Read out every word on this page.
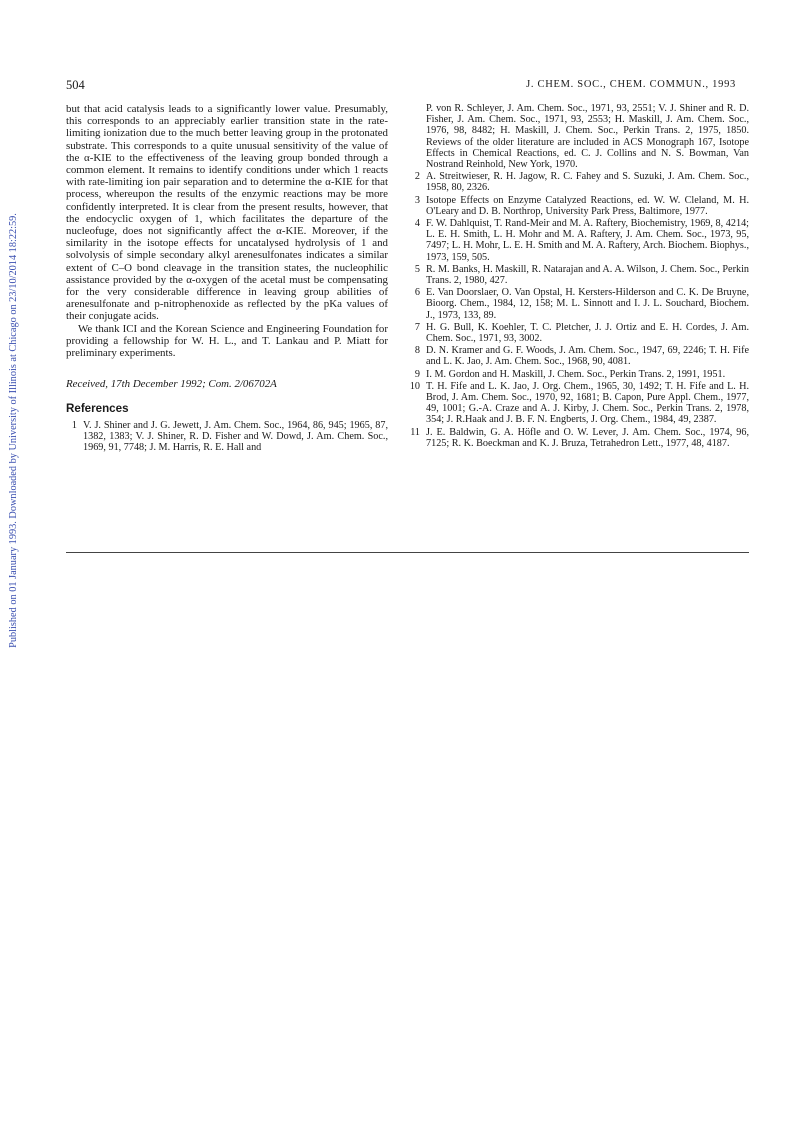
Published on 01 January 1993. Downloaded by University of Illinois at Chicago on 23/10/2014 18:22:59.
504	J. CHEM. SOC., CHEM. COMMUN., 1993

but that acid catalysis leads to a significantly lower value. Presumably, this corresponds to an appreciably earlier transition state in the rate-limiting ionization due to the much better leaving group in the protonated substrate. This corresponds to a quite unusual sensitivity of the value of the α-KIE to the effectiveness of the leaving group bonded through a common element. It remains to identify conditions under which 1 reacts with rate-limiting ion pair separation and to determine the α-KIE for that process, whereupon the results of the enzymic reactions may be more confidently interpreted. It is clear from the present results, however, that the endocyclic oxygen of 1, which facilitates the departure of the nucleofuge, does not significantly affect the α-KIE. Moreover, if the similarity in the isotope effects for uncatalysed hydrolysis of 1 and solvolysis of simple secondary alkyl arenesulfonates indicates a similar extent of C–O bond cleavage in the transition states, the nucleophilic assistance provided by the α-oxygen of the acetal must be compensating for the very considerable difference in leaving group abilities of arenesulfonate and p-nitrophenoxide as reflected by the pKa values of their conjugate acids.

We thank ICI and the Korean Science and Engineering Foundation for providing a fellowship for W. H. L., and T. Lankau and P. Miatt for preliminary experiments.

Received, 17th December 1992; Com. 2/06702A

References
1 V. J. Shiner and J. G. Jewett, J. Am. Chem. Soc., 1964, 86, 945; 1965, 87, 1382, 1383; V. J. Shiner, R. D. Fisher and W. Dowd, J. Am. Chem. Soc., 1969, 91, 7748; J. M. Harris, R. E. Hall and
P. von R. Schleyer, J. Am. Chem. Soc., 1971, 93, 2551; V. J. Shiner and R. D. Fisher, J. Am. Chem. Soc., 1971, 93, 2553; H. Maskill, J. Am. Chem. Soc., 1976, 98, 8482; H. Maskill, J. Chem. Soc., Perkin Trans. 2, 1975, 1850. Reviews of the older literature are included in ACS Monograph 167, Isotope Effects in Chemical Reactions, ed. C. J. Collins and N. S. Bowman, Van Nostrand Reinhold, New York, 1970.
2 A. Streitwieser, R. H. Jagow, R. C. Fahey and S. Suzuki, J. Am. Chem. Soc., 1958, 80, 2326.
3 Isotope Effects on Enzyme Catalyzed Reactions, ed. W. W. Cleland, M. H. O'Leary and D. B. Northrop, University Park Press, Baltimore, 1977.
4 F. W. Dahlquist, T. Rand-Meir and M. A. Raftery, Biochemistry, 1969, 8, 4214; L. E. H. Smith, L. H. Mohr and M. A. Raftery, J. Am. Chem. Soc., 1973, 95, 7497; L. H. Mohr, L. E. H. Smith and M. A. Raftery, Arch. Biochem. Biophys., 1973, 159, 505.
5 R. M. Banks, H. Maskill, R. Natarajan and A. A. Wilson, J. Chem. Soc., Perkin Trans. 2, 1980, 427.
6 E. Van Doorslaer, O. Van Opstal, H. Kersters-Hilderson and C. K. De Bruyne, Bioorg. Chem., 1984, 12, 158; M. L. Sinnott and I. J. L. Souchard, Biochem. J., 1973, 133, 89.
7 H. G. Bull, K. Koehler, T. C. Pletcher, J. J. Ortiz and E. H. Cordes, J. Am. Chem. Soc., 1971, 93, 3002.
8 D. N. Kramer and G. F. Woods, J. Am. Chem. Soc., 1947, 69, 2246; T. H. Fife and L. K. Jao, J. Am. Chem. Soc., 1968, 90, 4081.
9 I. M. Gordon and H. Maskill, J. Chem. Soc., Perkin Trans. 2, 1991, 1951.
10 T. H. Fife and L. K. Jao, J. Org. Chem., 1965, 30, 1492; T. H. Fife and L. H. Brod, J. Am. Chem. Soc., 1970, 92, 1681; B. Capon, Pure Appl. Chem., 1977, 49, 1001; G.-A. Craze and A. J. Kirby, J. Chem. Soc., Perkin Trans. 2, 1978, 354; J. R.Haak and J. B. F. N. Engberts, J. Org. Chem., 1984, 49, 2387.
11 J. E. Baldwin, G. A. Höfle and O. W. Lever, J. Am. Chem. Soc., 1974, 96, 7125; R. K. Boeckman and K. J. Bruza, Tetrahedron Lett., 1977, 48, 4187.
